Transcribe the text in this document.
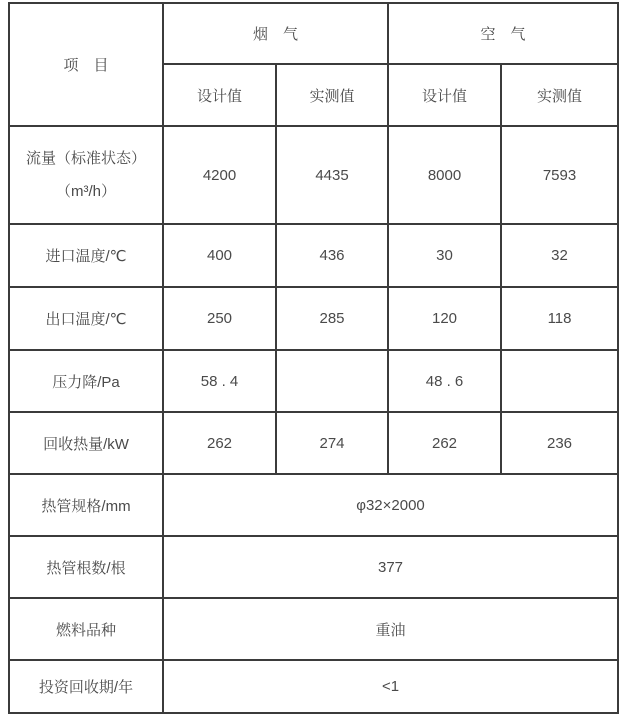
项　目	烟　气		空　气	
	设计值	实测值	设计值	实测值

流量（标准状态）
（m³/h）	4200	4435	8000	7593
进口温度/℃	400	436	30	32
出口温度/℃	250	285	120	118
压力降/Pa	58 . 4		48 . 6	
回收热量/kW	262	274	262	236
热管规格/mm	φ32×2000			
热管根数/根	377			
燃料品种	重油			
投资回收期/年	<1			
